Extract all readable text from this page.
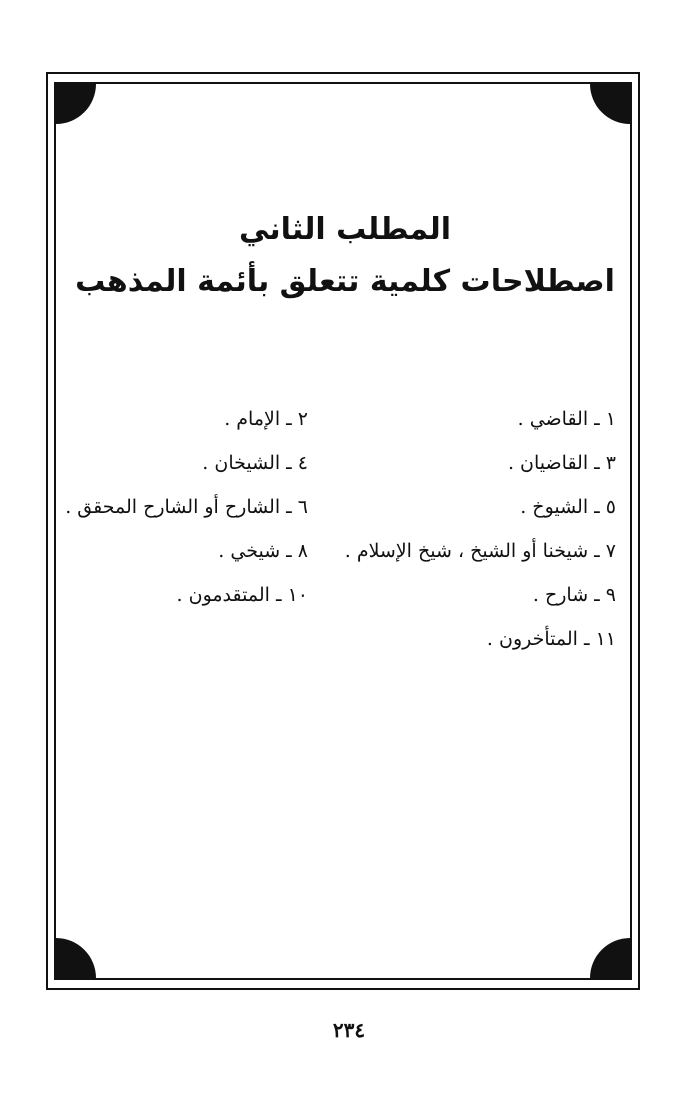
المطلب الثاني
اصطلاحات كلمية تتعلق بأئمة المذهب
١ ـ القاضي .
٢ ـ الإمام .
٣ ـ القاضيان .
٤ ـ الشيخان .
٥ ـ الشيوخ .
٦ ـ الشارح أو الشارح المحقق .
٧ ـ شيخنا أو الشيخ ، شيخ الإسلام .
٨ ـ شيخي .
٩ ـ شارح .
١٠ ـ المتقدمون .
١١ ـ المتأخرون .
٢٣٤
